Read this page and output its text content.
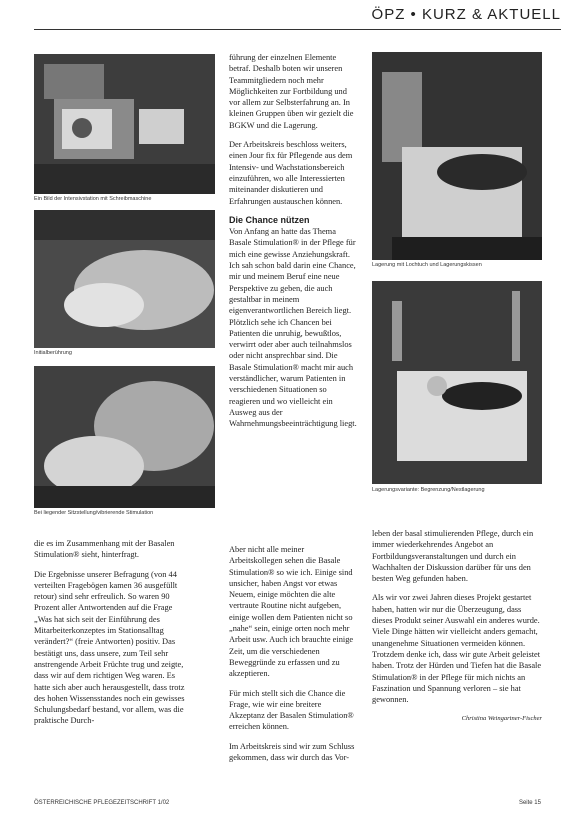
ÖPZ • KURZ & AKTUELL
Ein Bild der Intensivstation mit Schreibmaschine
Initialberührung
Bei liegender Sitzstellung/vibrierende Stimulation
Lagerung mit Lochtuch und Lagerungskissen
Lagerungsvariante: Begrenzung/Nestlagerung

die es im Zusammenhang mit der Basalen Stimulation® sieht, hinterfragt.

Die Ergebnisse unserer Befragung (von 44 verteilten Fragebögen kamen 36 ausgefüllt retour) sind sehr erfreulich. So waren 90 Prozent aller Antwortenden auf die Frage „Was hat sich seit der Einführung des Mitarbeiterkonzeptes im Stationsalltag verändert?“ (freie Antworten) positiv. Das bestätigt uns, dass unsere, zum Teil sehr anstrengende Arbeit Früchte trug und zeigte, dass wir auf dem richtigen Weg waren. Es hatte sich aber auch herausgestellt, dass trotz des hohen Wissensstandes noch ein gewisses Schulungsbedarf bestand, vor allem, was die praktische Durch-

führung der einzelnen Elemente betraf. Deshalb boten wir unseren Teammitgliedern noch mehr Möglichkeiten zur Fortbildung und vor allem zur Selbsterfahrung an. In kleinen Gruppen üben wir gezielt die BGKW und die Lagerung.

Der Arbeitskreis beschloss weiters, einen Jour fix für Pflegende aus dem Intensiv- und Wachstationsbereich einzuführen, wo alle Interessierten miteinander diskutieren und Erfahrungen austauschen können.

Die Chance nützen

Von Anfang an hatte das Thema Basale Stimulation® in der Pflege für mich eine gewisse Anziehungskraft. Ich sah schon bald darin eine Chance, mir und meinem Beruf eine neue Perspektive zu geben, die auch gestaltbar in meinem eigenverantwortlichen Bereich liegt. Plötzlich sehe ich Chancen bei Patienten die unruhig, bewußtlos, verwirrt oder aber auch teilnahmslos oder nicht ansprechbar sind. Die Basale Stimulation® macht mir auch verständlicher, warum Patienten in verschiedenen Situationen so reagieren und wo vielleicht ein Ausweg aus der Wahrnehmungsbeeinträchtigung liegt.

Aber nicht alle meiner Arbeitskollegen sehen die Basale Stimulation® so wie ich. Einige sind unsicher, haben Angst vor etwas Neuem, einige möchten die alte vertraute Routine nicht aufgeben, einige wollen dem Patienten nicht so „nahe“ sein, einige orten noch mehr Arbeit usw. Auch ich brauchte einige Zeit, um die verschiedenen Beweggründe zu erfassen und zu akzeptieren.

Für mich stellt sich die Chance die Frage, wie wir eine breitere Akzeptanz der Basalen Stimulation® erreichen können.

Im Arbeitskreis sind wir zum Schluss gekommen, dass wir durch das Vor-

leben der basal stimulierenden Pflege, durch ein immer wiederkehrendes Angebot an Fortbildungsveranstaltungen und durch ein Wachhalten der Diskussion darüber für uns den besten Weg gefunden haben.

Als wir vor zwei Jahren dieses Projekt gestartet haben, hatten wir nur die Überzeugung, dass dieses Produkt seiner Auswahl ein anderes wurde. Viele Dinge hätten wir vielleicht anders gemacht, unangenehme Situationen vermeiden können. Trotzdem denke ich, dass wir gute Arbeit geleistet haben. Trotz der Hürden und Tiefen hat die Basale Stimulation® in der Pflege für mich nichts an Faszination und Spannung verloren – sie hat gewonnen.

Christina Weingartner-Fischer

ÖSTERREICHISCHE PFLEGEZEITSCHRIFT 1/02	Seite 15
